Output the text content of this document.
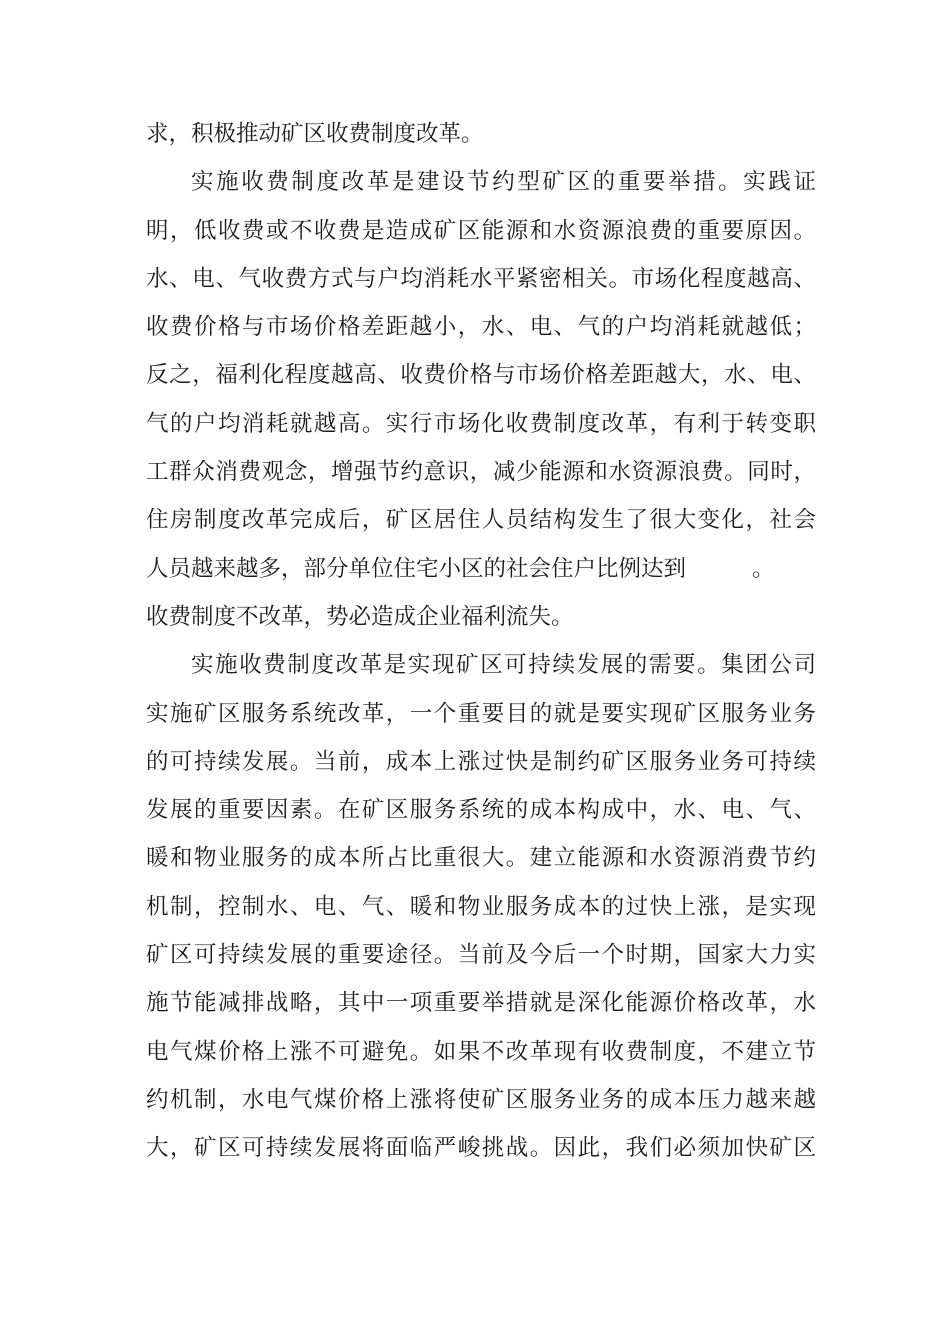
求，积极推动矿区收费制度改革。
实施收费制度改革是建设节约型矿区的重要举措。实践证
明，低收费或不收费是造成矿区能源和水资源浪费的重要原因。
水、电、气收费方式与户均消耗水平紧密相关。市场化程度越高、
收费价格与市场价格差距越小，水、电、气的户均消耗就越低；
反之，福利化程度越高、收费价格与市场价格差距越大，水、电、
气的户均消耗就越高。实行市场化收费制度改革，有利于转变职
工群众消费观念，增强节约意识，减少能源和水资源浪费。同时，
住房制度改革完成后，矿区居住人员结构发生了很大变化，社会
人员越来越多，部分单位住宅小区的社会住户比例达到	。
收费制度不改革，势必造成企业福利流失。
实施收费制度改革是实现矿区可持续发展的需要。集团公司
实施矿区服务系统改革，一个重要目的就是要实现矿区服务业务
的可持续发展。当前，成本上涨过快是制约矿区服务业务可持续
发展的重要因素。在矿区服务系统的成本构成中，水、电、气、
暖和物业服务的成本所占比重很大。建立能源和水资源消费节约
机制，控制水、电、气、暖和物业服务成本的过快上涨，是实现
矿区可持续发展的重要途径。当前及今后一个时期，国家大力实
施节能减排战略，其中一项重要举措就是深化能源价格改革，水
电气煤价格上涨不可避免。如果不改革现有收费制度，不建立节
约机制，水电气煤价格上涨将使矿区服务业务的成本压力越来越
大，矿区可持续发展将面临严峻挑战。因此，我们必须加快矿区
